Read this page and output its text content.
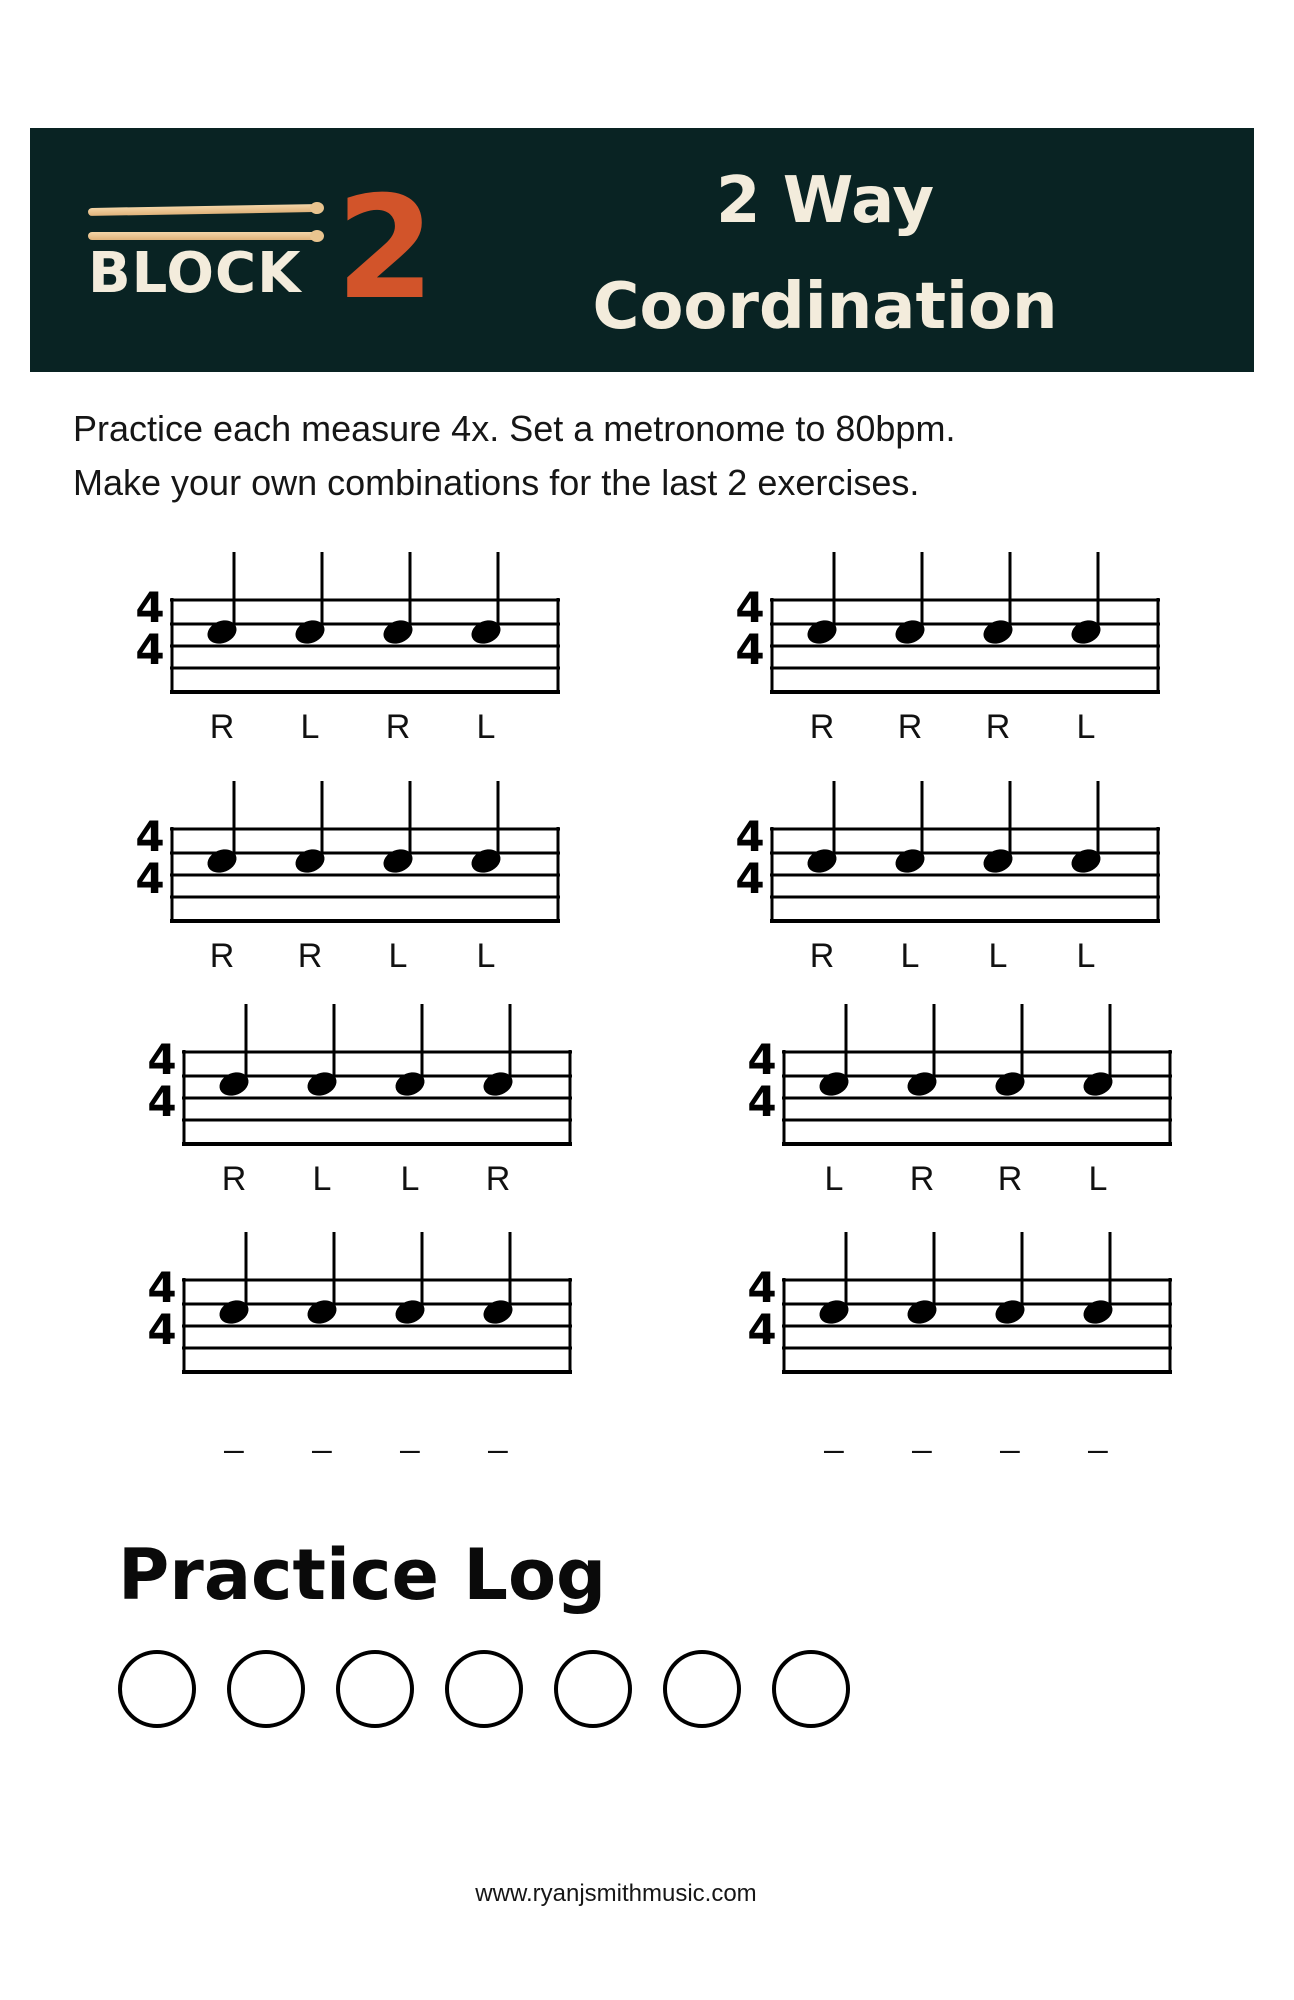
BLOCK 2	2 Way
Coordination
Practice each measure 4x. Set a metronome to 80bpm.
Make your own combinations for the last 2 exercises.
4
4
R	L	R	L
4
4
R	R	R	L
4
4
R	R	L	L
4
4
R	L	L	L
4
4
R	L	L	R
4
4
L	R	R	L
4
4
_	_	_	_
4
4
_	_	_	_
Practice Log
www.ryanjsmithmusic.com
